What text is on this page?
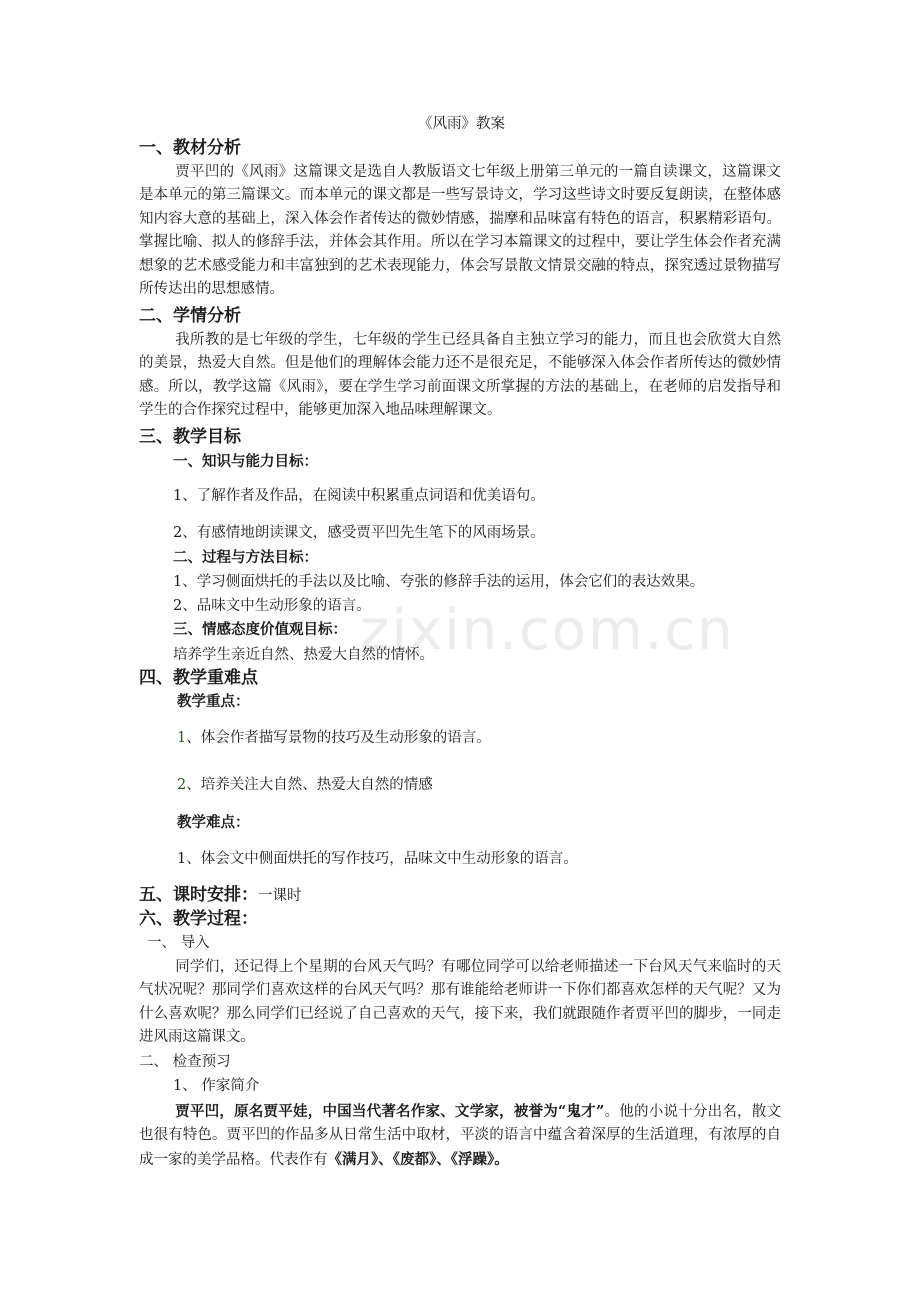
zixin.com.cn
《风雨》教案
一、教材分析
贾平凹的《风雨》这篇课文是选自人教版语文七年级上册第三单元的一篇自读课文，这篇课文是本单元的第三篇课文。而本单元的课文都是一些写景诗文，学习这些诗文时要反复朗读，在整体感知内容大意的基础上，深入体会作者传达的微妙情感，揣摩和品味富有特色的语言，积累精彩语句。掌握比喻、拟人的修辞手法，并体会其作用。所以在学习本篇课文的过程中，要让学生体会作者充满想象的艺术感受能力和丰富独到的艺术表现能力，体会写景散文情景交融的特点，探究透过景物描写所传达出的思想感情。
二、学情分析
我所教的是七年级的学生，七年级的学生已经具备自主独立学习的能力，而且也会欣赏大自然的美景，热爱大自然。但是他们的理解体会能力还不是很充足，不能够深入体会作者所传达的微妙情感。所以，教学这篇《风雨》，要在学生学习前面课文所掌握的方法的基础上，在老师的启发指导和学生的合作探究过程中，能够更加深入地品味理解课文。
三、教学目标
一、知识与能力目标：
1、了解作者及作品，在阅读中积累重点词语和优美语句。
2、有感情地朗读课文，感受贾平凹先生笔下的风雨场景。
二、过程与方法目标：
1、学习侧面烘托的手法以及比喻、夸张的修辞手法的运用，体会它们的表达效果。
2、品味文中生动形象的语言。
三、情感态度价值观目标：
培养学生亲近自然、热爱大自然的情怀。
四、教学重难点
教学重点：
1、体会作者描写景物的技巧及生动形象的语言。
2、培养关注大自然、热爱大自然的情感
教学难点：
1、体会文中侧面烘托的写作技巧，品味文中生动形象的语言。
五、课时安排：一课时
六、教学过程：
一、 导入
同学们，还记得上个星期的台风天气吗？有哪位同学可以给老师描述一下台风天气来临时的天气状况呢？那同学们喜欢这样的台风天气吗？那有谁能给老师讲一下你们都喜欢怎样的天气呢？又为什么喜欢呢？那么同学们已经说了自己喜欢的天气，接下来，我们就跟随作者贾平凹的脚步，一同走进风雨这篇课文。
二、 检查预习
1、 作家简介
贾平凹，原名贾平娃，中国当代著名作家、文学家，被誉为“鬼才”。他的小说十分出名，散文也很有特色。贾平凹的作品多从日常生活中取材，平淡的语言中蕴含着深厚的生活道理，有浓厚的自成一家的美学品格。代表作有《满月》、《废都》、《浮躁》。
